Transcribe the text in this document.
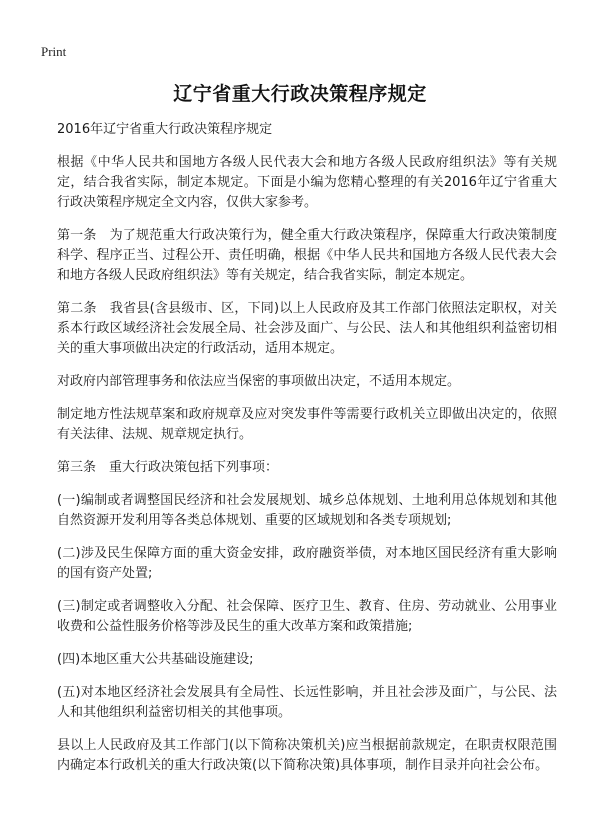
Print
辽宁省重大行政决策程序规定

2016年辽宁省重大行政决策程序规定

根据《中华人民共和国地方各级人民代表大会和地方各级人民政府组织法》等有关规定，结合我省实际，制定本规定。下面是小编为您精心整理的有关2016年辽宁省重大行政决策程序规定全文内容，仅供大家参考。

第一条　为了规范重大行政决策行为，健全重大行政决策程序，保障重大行政决策制度科学、程序正当、过程公开、责任明确，根据《中华人民共和国地方各级人民代表大会和地方各级人民政府组织法》等有关规定，结合我省实际，制定本规定。

第二条　我省县(含县级市、区，下同)以上人民政府及其工作部门依照法定职权，对关系本行政区域经济社会发展全局、社会涉及面广、与公民、法人和其他组织利益密切相关的重大事项做出决定的行政活动，适用本规定。

对政府内部管理事务和依法应当保密的事项做出决定，不适用本规定。

制定地方性法规草案和政府规章及应对突发事件等需要行政机关立即做出决定的，依照有关法律、法规、规章规定执行。

第三条　重大行政决策包括下列事项：

(一)编制或者调整国民经济和社会发展规划、城乡总体规划、土地利用总体规划和其他自然资源开发利用等各类总体规划、重要的区域规划和各类专项规划;

(二)涉及民生保障方面的重大资金安排，政府融资举债，对本地区国民经济有重大影响的国有资产处置;

(三)制定或者调整收入分配、社会保障、医疗卫生、教育、住房、劳动就业、公用事业收费和公益性服务价格等涉及民生的重大改革方案和政策措施;

(四)本地区重大公共基础设施建设;

(五)对本地区经济社会发展具有全局性、长远性影响，并且社会涉及面广，与公民、法人和其他组织利益密切相关的其他事项。

县以上人民政府及其工作部门(以下简称决策机关)应当根据前款规定，在职责权限范围内确定本行政机关的重大行政决策(以下简称决策)具体事项，制作目录并向社会公布。
